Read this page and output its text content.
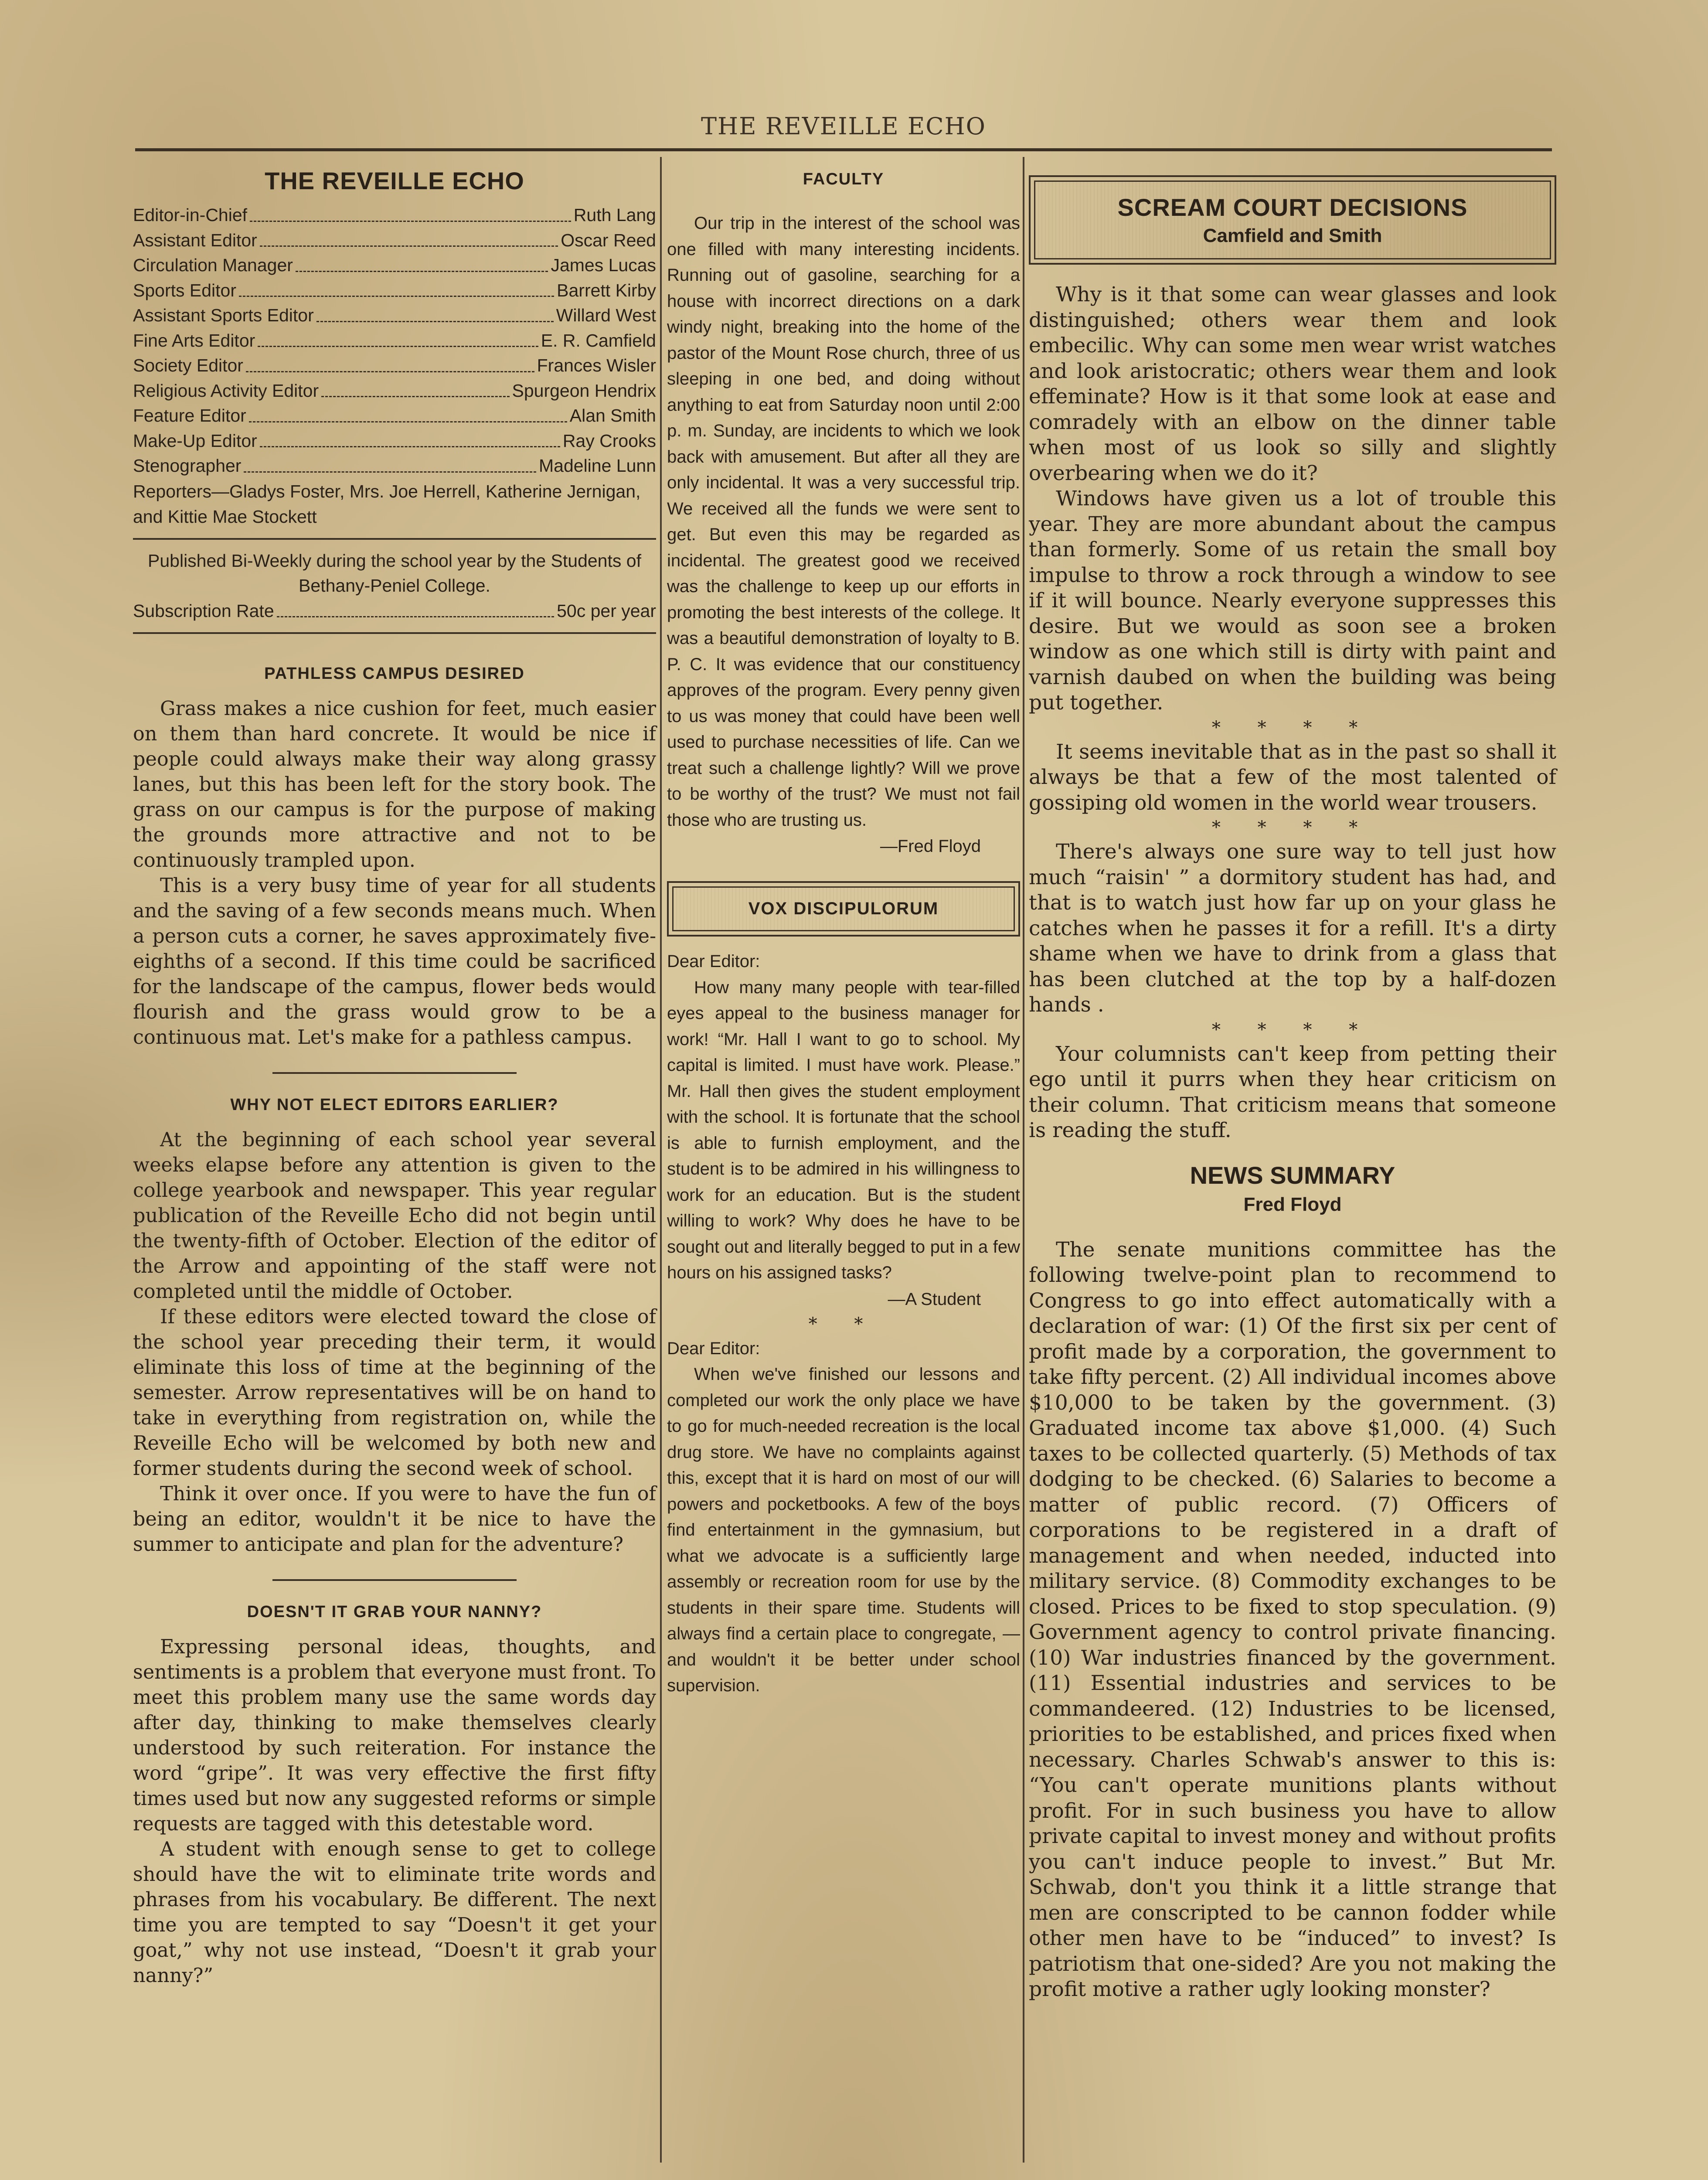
THE REVEILLE ECHO
THE REVEILLE ECHO
Editor-in-Chief	Ruth Lang
Assistant Editor	Oscar Reed
Circulation Manager	James Lucas
Sports Editor	Barrett Kirby
Assistant Sports Editor	Willard West
Fine Arts Editor	E. R. Camfield
Society Editor	Frances Wisler
Religious Activity Editor	Spurgeon Hendrix
Feature Editor	Alan Smith
Make-Up Editor	Ray Crooks
Stenographer	Madeline Lunn
Reporters—Gladys Foster, Mrs. Joe Herrell, Katherine Jernigan, and Kittie Mae Stockett
Published Bi-Weekly during the school year by the Students of Bethany-Peniel College.
Subscription Rate	50c per year
PATHLESS CAMPUS DESIRED

Grass makes a nice cushion for feet, much easier on them than hard concrete. It would be nice if people could always make their way along grassy lanes, but this has been left for the story book. The grass on our campus is for the purpose of making the grounds more attractive and not to be continuously trampled upon.

This is a very busy time of year for all students and the saving of a few seconds means much. When a person cuts a corner, he saves approximately five-eighths of a second. If this time could be sacrificed for the landscape of the campus, flower beds would flourish and the grass would grow to be a continuous mat. Let's make for a pathless campus.

WHY NOT ELECT EDITORS EARLIER?

At the beginning of each school year several weeks elapse before any attention is given to the college yearbook and newspaper. This year regular publication of the Reveille Echo did not begin until the twenty-fifth of October. Election of the editor of the Arrow and appointing of the staff were not completed until the middle of October.

If these editors were elected toward the close of the school year preceding their term, it would eliminate this loss of time at the beginning of the semester. Arrow representatives will be on hand to take in everything from registration on, while the Reveille Echo will be welcomed by both new and former students during the second week of school.

Think it over once. If you were to have the fun of being an editor, wouldn't it be nice to have the summer to anticipate and plan for the adventure?

DOESN'T IT GRAB YOUR NANNY?

Expressing personal ideas, thoughts, and sentiments is a problem that everyone must front. To meet this problem many use the same words day after day, thinking to make themselves clearly understood by such reiteration. For instance the word “gripe”. It was very effective the first fifty times used but now any suggested reforms or simple requests are tagged with this detestable word.

A student with enough sense to get to college should have the wit to eliminate trite words and phrases from his vocabulary. Be different. The next time you are tempted to say “Doesn't it get your goat,” why not use instead, “Doesn't it grab your nanny?”

FACULTY

Our trip in the interest of the school was one filled with many interesting incidents. Running out of gasoline, searching for a house with incorrect directions on a dark windy night, breaking into the home of the pastor of the Mount Rose church, three of us sleeping in one bed, and doing without anything to eat from Saturday noon until 2:00 p. m. Sunday, are incidents to which we look back with amusement. But after all they are only incidental. It was a very successful trip. We received all the funds we were sent to get. But even this may be regarded as incidental. The greatest good we received was the challenge to keep up our efforts in promoting the best interests of the college. It was a beautiful demonstration of loyalty to B. P. C. It was evidence that our constituency approves of the program. Every penny given to us was money that could have been well used to purchase necessities of life. Can we treat such a challenge lightly? Will we prove to be worthy of the trust? We must not fail those who are trusting us.

—Fred Floyd
VOX DISCIPULORUM

Dear Editor:

How many many people with tear-filled eyes appeal to the business manager for work! “Mr. Hall I want to go to school. My capital is limited. I must have work. Please.” Mr. Hall then gives the student employment with the school. It is fortunate that the school is able to furnish employment, and the student is to be admired in his willingness to work for an education. But is the student willing to work? Why does he have to be sought out and literally begged to put in a few hours on his assigned tasks?

—A Student
* *

Dear Editor:

When we've finished our lessons and completed our work the only place we have to go for much-needed recreation is the local drug store. We have no complaints against this, except that it is hard on most of our will powers and pocketbooks. A few of the boys find entertainment in the gymnasium, but what we advocate is a sufficiently large assembly or recreation room for use by the students in their spare time. Students will always find a certain place to congregate, — and wouldn't it be better under school supervision.

SCREAM COURT DECISIONS
Camfield and Smith

Why is it that some can wear glasses and look distinguished; others wear them and look embecilic. Why can some men wear wrist watches and look aristocratic; others wear them and look effeminate? How is it that some look at ease and comradely with an elbow on the dinner table when most of us look so silly and slightly overbearing when we do it?

Windows have given us a lot of trouble this year. They are more abundant about the campus than formerly. Some of us retain the small boy impulse to throw a rock through a window to see if it will bounce. Nearly everyone suppresses this desire. But we would as soon see a broken window as one which still is dirty with paint and varnish daubed on when the building was being put together.

* * * *

It seems inevitable that as in the past so shall it always be that a few of the most talented of gossiping old women in the world wear trousers.

* * * *

There's always one sure way to tell just how much “raisin' ” a dormitory student has had, and that is to watch just how far up on your glass he catches when he passes it for a refill. It's a dirty shame when we have to drink from a glass that has been clutched at the top by a half-dozen hands .

* * * *

Your columnists can't keep from petting their ego until it purrs when they hear criticism on their column. That criticism means that someone is reading the stuff.

NEWS SUMMARY
Fred Floyd

The senate munitions committee has the following twelve-point plan to recommend to Congress to go into effect automatically with a declaration of war: (1) Of the first six per cent of profit made by a corporation, the government to take fifty percent. (2) All individual incomes above $10,000 to be taken by the government. (3) Graduated income tax above $1,000. (4) Such taxes to be collected quarterly. (5) Methods of tax dodging to be checked. (6) Salaries to become a matter of public record. (7) Officers of corporations to be registered in a draft of management and when needed, inducted into military service. (8) Commodity exchanges to be closed. Prices to be fixed to stop speculation. (9) Government agency to control private financing. (10) War industries financed by the government. (11) Essential industries and services to be commandeered. (12) Industries to be licensed, priorities to be established, and prices fixed when necessary. Charles Schwab's answer to this is: “You can't operate munitions plants without profit. For in such business you have to allow private capital to invest money and without profits you can't induce people to invest.” But Mr. Schwab, don't you think it a little strange that men are conscripted to be cannon fodder while other men have to be “induced” to invest? Is patriotism that one-sided? Are you not making the profit motive a rather ugly looking monster?
